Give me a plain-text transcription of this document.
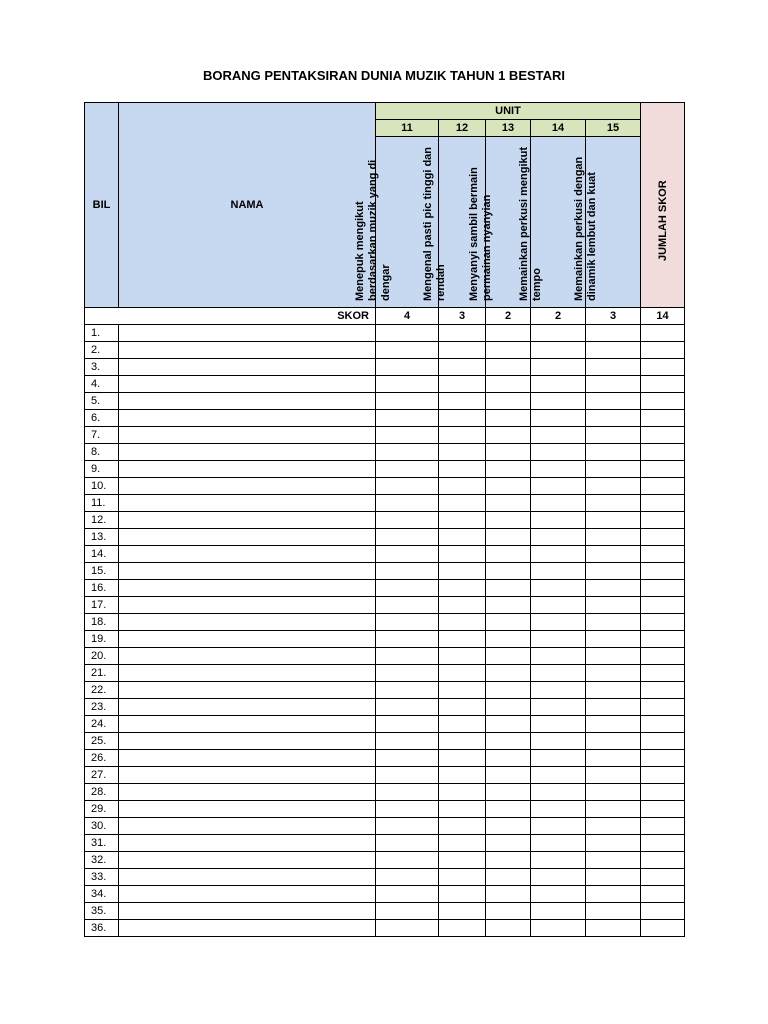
BORANG PENTAKSIRAN DUNIA MUZIK TAHUN 1 BESTARI
BIL	NAMA	UNIT					JUMLAH SKOR

		11	12	13	14	15	

		Menepuk mengikut berdasarkan muzik yang di dengar	Mengenal pasti pic tinggi dan rendah	Menyanyi sambil bermain permainan nyanyian	Memainkan perkusi mengikut tempo	Memainkan perkusi dengan dinamik lembut dan kuat	

SKOR		4	3	2	2	3	14
1.							
2.							
3.							
4.							
5.							
6.							
7.							
8.							
9.							
10.							
11.							
12.							
13.							
14.							
15.							
16.							
17.							
18.							
19.							
20.							
21.							
22.							
23.							
24.							
25.							
26.							
27.							
28.							
29.							
30.							
31.							
32.							
33.							
34.							
35.							
36.							
